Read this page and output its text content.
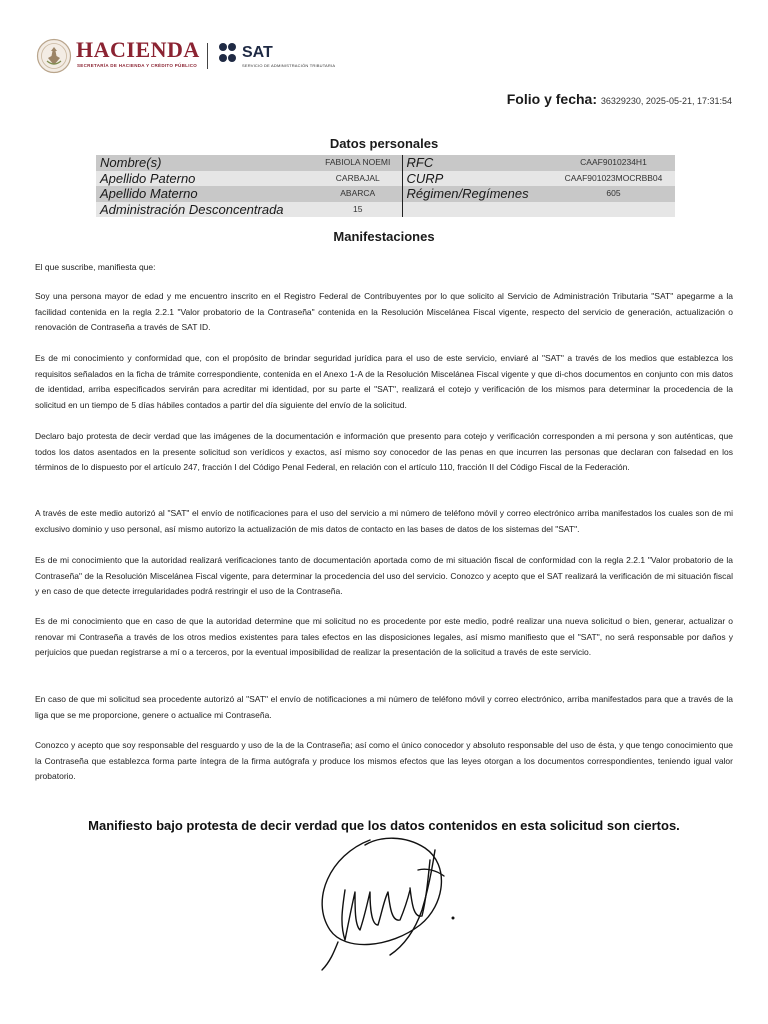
HACIENDA
SECRETARÍA DE HACIENDA Y CRÉDITO PÚBLICO
SAT
SERVICIO DE ADMINISTRACIÓN TRIBUTARIA
Folio y fecha: 36329230, 2025-05-21, 17:31:54
Datos personales
Nombre(s)	FABIOLA NOEMI	RFC	CAAF9010234H1
Apellido Paterno	CARBAJAL	CURP	CAAF901023MOCRBB04
Apellido Materno	ABARCA	Régimen/Regímenes	605
Administración Desconcentrada	15		
Manifestaciones

El que suscribe, manifiesta que:

Soy una persona mayor de edad y me encuentro inscrito en el Registro Federal de Contribuyentes por lo que solicito al Servicio de Administración Tributaria "SAT" apegarme a la facilidad contenida en la regla 2.2.1 "Valor probatorio de la Contraseña" contenida en la Resolución Miscelánea Fiscal vigente, respecto del servicio de generación, actualización o renovación de Contraseña a través de SAT ID.

Es de mi conocimiento y conformidad que, con el propósito de brindar seguridad jurídica para el uso de este servicio, enviaré al "SAT" a través de los medios que establezca los requisitos señalados en la ficha de trámite correspondiente, contenida en el Anexo 1-A de la Resolución Miscelánea Fiscal vigente y que di-chos documentos en conjunto con mis datos de identidad, arriba especificados servirán para acreditar mi identidad, por su parte el "SAT", realizará el cotejo y verificación de los mismos para determinar la procedencia de la solicitud en un tiempo de 5 días hábiles contados a partir del día siguiente del envío de la solicitud.

Declaro bajo protesta de decir verdad que las imágenes de la documentación e información que presento para cotejo y verificación corresponden a mi persona y son auténticas, que todos los datos asentados en la presente solicitud son verídicos y exactos, así mismo soy conocedor de las penas en que incurren las personas que declaran con falsedad en los términos de lo dispuesto por el artículo 247, fracción I del Código Penal Federal, en relación con el artículo 110, fracción II del Código Fiscal de la Federación.

A través de este medio autorizó al "SAT" el envío de notificaciones para el uso del servicio a mi número de teléfono móvil y correo electrónico arriba manifestados los cuales son de mi exclusivo dominio y uso personal, así mismo autorizo la actualización de mis datos de contacto en las bases de datos de los sistemas del "SAT".

Es de mi conocimiento que la autoridad realizará verificaciones tanto de documentación aportada como de mi situación fiscal de conformidad con la regla 2.2.1 "Valor probatorio de la Contraseña" de la Resolución Miscelánea Fiscal vigente, para determinar la procedencia del uso del servicio. Conozco y acepto que el SAT realizará la verificación de mi situación fiscal y en caso de que detecte irregularidades podrá restringir el uso de la Contraseña.

Es de mi conocimiento que en caso de que la autoridad determine que mi solicitud no es procedente por este medio, podré realizar una nueva solicitud o bien, generar, actualizar o renovar mi Contraseña a través de los otros medios existentes para tales efectos en las disposiciones legales, así mismo manifiesto que el "SAT", no será responsable por daños y perjuicios que puedan registrarse a mí o a terceros, por la eventual imposibilidad de realizar la presentación de la solicitud a través de este servicio.

En caso de que mi solicitud sea procedente autorizó al "SAT" el envío de notificaciones a mi número de teléfono móvil y correo electrónico, arriba manifestados para que a través de la liga que se me proporcione, genere o actualice mi Contraseña.

Conozco y acepto que soy responsable del resguardo y uso de la de la Contraseña; así como el único conocedor y absoluto responsable del uso de ésta, y que tengo conocimiento que la Contraseña que establezca forma parte íntegra de la firma autógrafa y produce los mismos efectos que las leyes otorgan a los documentos correspondientes, teniendo igual valor probatorio.

Manifiesto bajo protesta de decir verdad que los datos contenidos en esta solicitud son ciertos.
